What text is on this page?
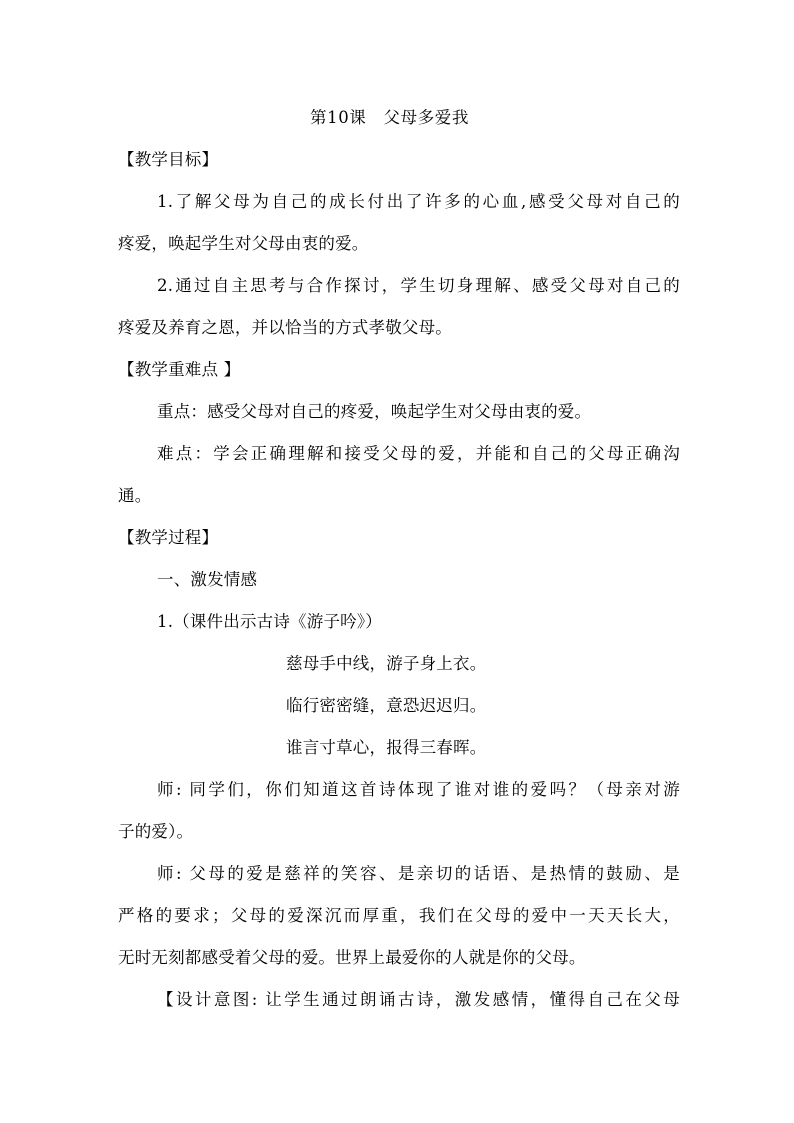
第10课　父母多爱我
【教学目标】
1.了解父母为自己的成长付出了许多的心血,感受父母对自己的
疼爱，唤起学生对父母由衷的爱。
2.通过自主思考与合作探讨，学生切身理解、感受父母对自己的
疼爱及养育之恩，并以恰当的方式孝敬父母。
【教学重难点 】
重点：感受父母对自己的疼爱，唤起学生对父母由衷的爱。
难点：学会正确理解和接受父母的爱，并能和自己的父母正确沟
通。
【教学过程】
一、激发情感
1.（课件出示古诗《游子吟》）
慈母手中线，游子身上衣。
临行密密缝，意恐迟迟归。
谁言寸草心，报得三春晖。
师: 同学们，你们知道这首诗体现了谁对谁的爱吗？（母亲对游
子的爱）。
师: 父母的爱是慈祥的笑容、是亲切的话语、是热情的鼓励、是
严格的要求；父母的爱深沉而厚重，我们在父母的爱中一天天长大，
无时无刻都感受着父母的爱。世界上最爱你的人就是你的父母。
【设计意图: 让学生通过朗诵古诗，激发感情，懂得自己在父母
